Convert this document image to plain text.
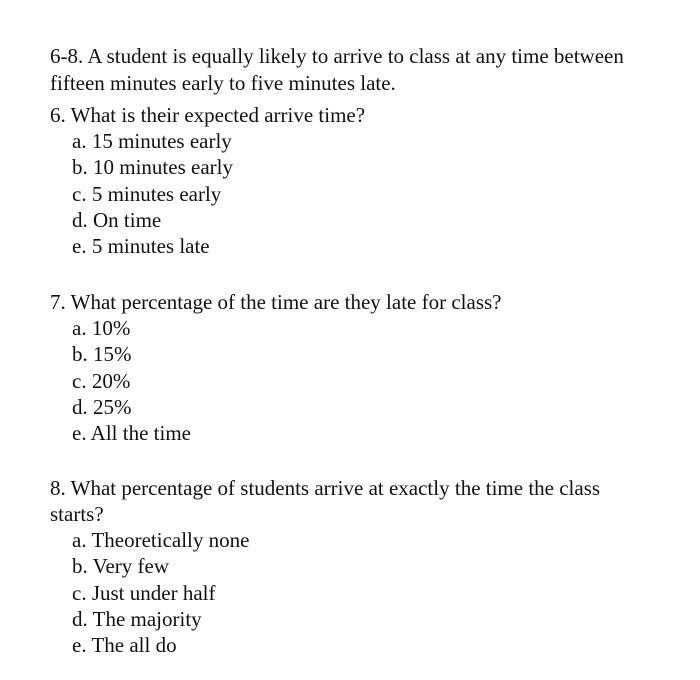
6-8. A student is equally likely to arrive to class at any time between fifteen minutes early to five minutes late.

6. What is their expected arrive time?

a. 15 minutes early
b. 10 minutes early
c. 5 minutes early
d. On time
e. 5 minutes late

7. What percentage of the time are they late for class?

a. 10%
b. 15%
c. 20%
d. 25%
e. All the time

8. What percentage of students arrive at exactly the time the class starts?

a. Theoretically none
b. Very few
c. Just under half
d. The majority
e. The all do
